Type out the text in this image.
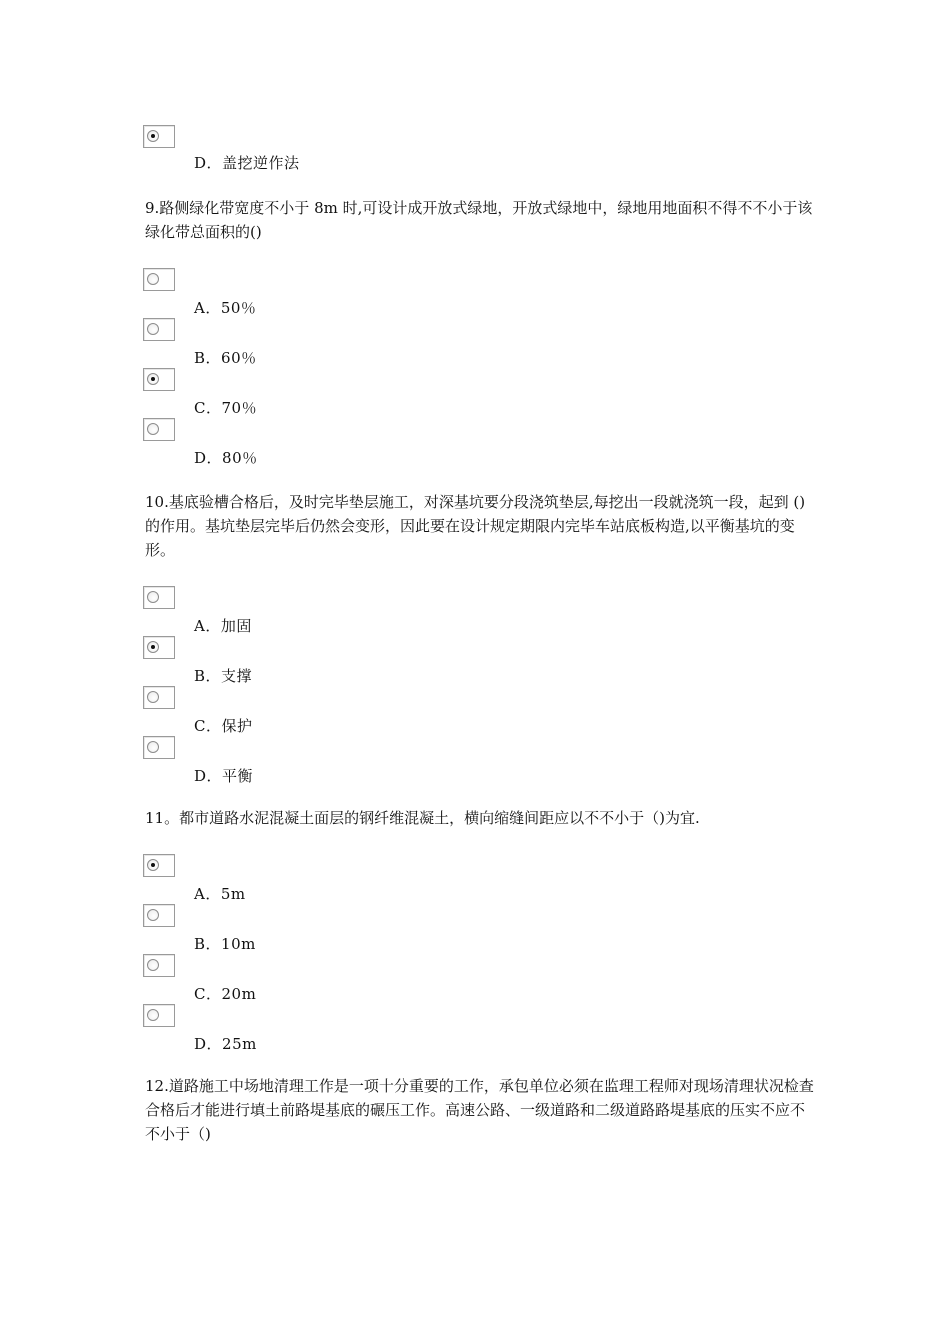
D．盖挖逆作法
9.路侧绿化带宽度不小于 8m 时,可设计成开放式绿地，开放式绿地中，绿地用地面积不得不不小于该绿化带总面积的()
A．50％
B．60％
C．70％
D．80％
10.基底验槽合格后，及时完毕垫层施工，对深基坑要分段浇筑垫层,每挖出一段就浇筑一段，起到 ()的作用。基坑垫层完毕后仍然会变形，因此要在设计规定期限内完毕车站底板构造,以平衡基坑的变形。
A．加固
B．支撑
C．保护
D．平衡
11。都市道路水泥混凝土面层的钢纤维混凝土，横向缩缝间距应以不不小于（)为宜.
A．5m
B．10m
C．20m
D．25m
12.道路施工中场地清理工作是一项十分重要的工作，承包单位必须在监理工程师对现场清理状况检查合格后才能进行填土前路堤基底的碾压工作。高速公路、一级道路和二级道路路堤基底的压实不应不不小于（)
